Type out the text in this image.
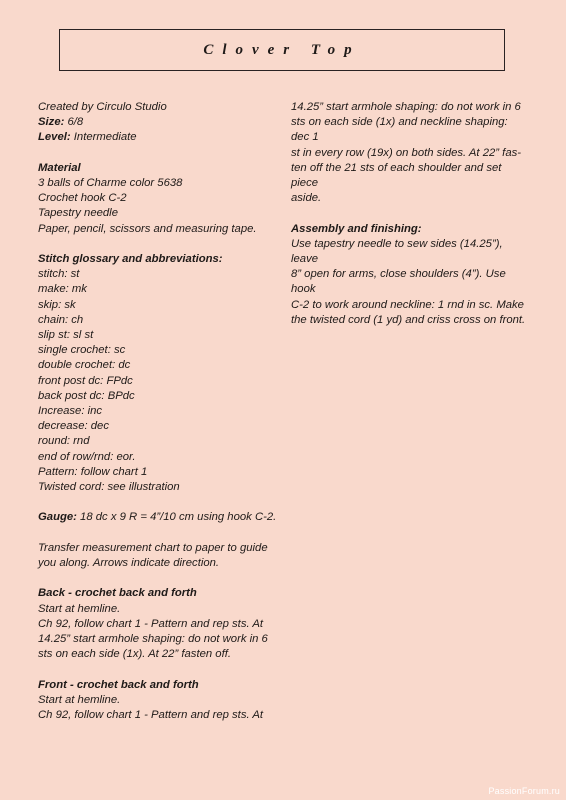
Clover Top

Created by Circulo Studio

Size: 6/8

Level: Intermediate

Material

3 balls of Charme color 5638

Crochet hook C-2

Tapestry needle

Paper, pencil, scissors and measuring tape.

Stitch glossary and abbreviations:

stitch: st

make: mk

skip: sk

chain: ch

slip st: sl st

single crochet: sc

double crochet: dc

front post dc: FPdc

back post dc: BPdc

Increase: inc

decrease: dec

round: rnd

end of row/rnd: eor.

Pattern: follow chart 1

Twisted cord: see illustration

Gauge: 18 dc x 9 R = 4”/10 cm using hook C-2.

Transfer measurement chart to paper to guide

you along. Arrows indicate direction.

Back - crochet back and forth

Start at hemline.

Ch 92, follow chart 1 - Pattern and rep sts. At

14.25” start armhole shaping: do not work in 6

sts on each side (1x). At 22” fasten off.

Front - crochet back and forth

Start at hemline.

Ch 92, follow chart 1 - Pattern and rep sts. At

14.25” start armhole shaping: do not work in 6

sts on each side (1x) and neckline shaping: dec 1

st in every row (19x) on both sides. At 22” fas-

ten off the 21 sts of each shoulder and set piece

aside.

Assembly and finishing:

Use tapestry needle to sew sides (14.25”), leave

8” open for arms, close shoulders (4”). Use hook

C-2 to work around neckline: 1 rnd in sc. Make

the twisted cord (1 yd) and criss cross on front.

PassionForum.ru
